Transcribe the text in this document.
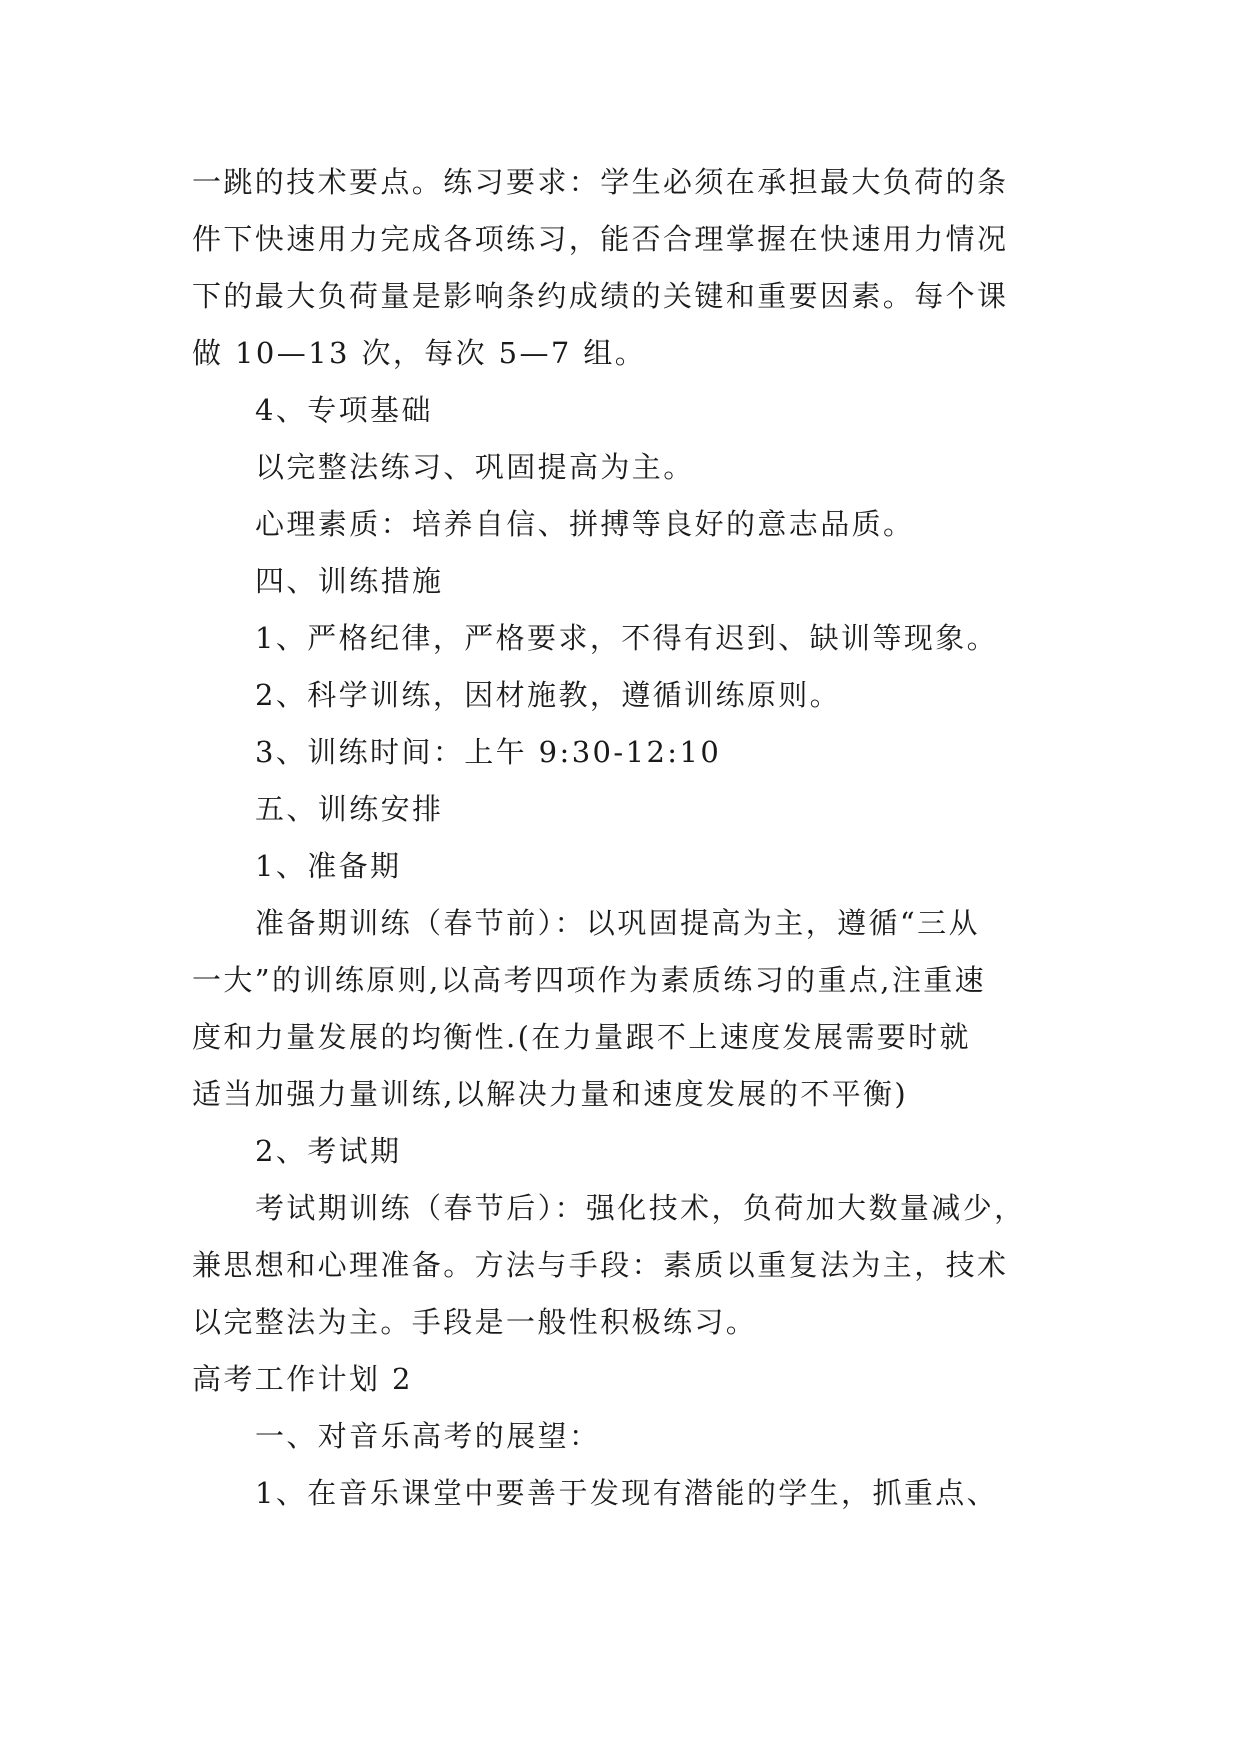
一跳的技术要点。练习要求：学生必须在承担最大负荷的条
件下快速用力完成各项练习，能否合理掌握在快速用力情况
下的最大负荷量是影响条约成绩的关键和重要因素。每个课
做 10—13 次，每次 5—7 组。
4、专项基础
以完整法练习、巩固提高为主。
心理素质：培养自信、拼搏等良好的意志品质。
四、训练措施
1、严格纪律，严格要求，不得有迟到、缺训等现象。
2、科学训练，因材施教，遵循训练原则。
3、训练时间：上午 9:30-12:10
五、训练安排
1、准备期
准备期训练（春节前）：以巩固提高为主，遵循“三从
一大”的训练原则,以高考四项作为素质练习的重点,注重速
度和力量发展的均衡性.(在力量跟不上速度发展需要时就
适当加强力量训练,以解决力量和速度发展的不平衡)
2、考试期
考试期训练（春节后）：强化技术，负荷加大数量减少，
兼思想和心理准备。方法与手段：素质以重复法为主，技术
以完整法为主。手段是一般性积极练习。
高考工作计划 2
一、对音乐高考的展望：
1、在音乐课堂中要善于发现有潜能的学生，抓重点、
